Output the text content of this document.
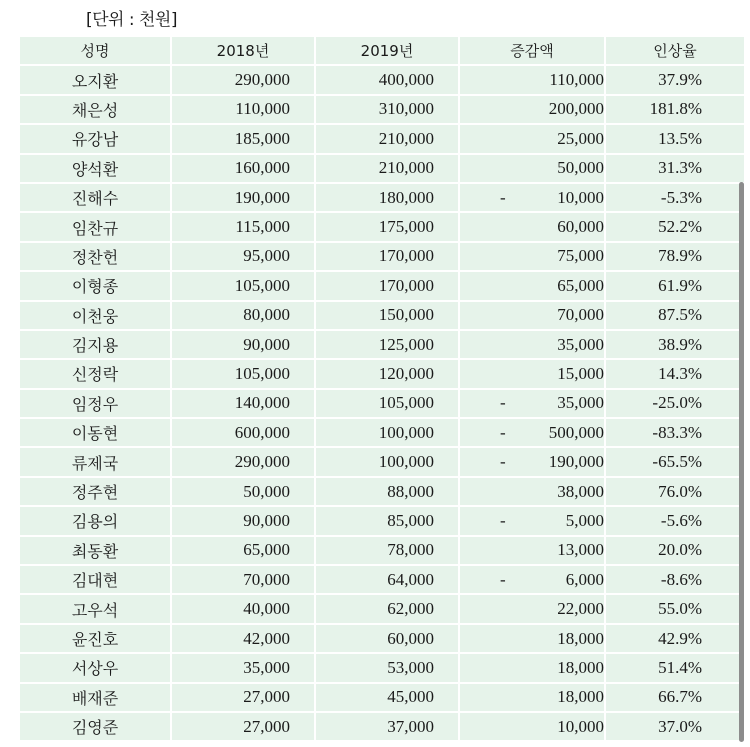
[단위 : 천원]
성명	2018년	2019년	증감액	인상율
오지환	290,000	400,000	110,000	37.9%
채은성	110,000	310,000	200,000	181.8%
유강남	185,000	210,000	25,000	13.5%
양석환	160,000	210,000	50,000	31.3%
진해수	190,000	180,000	- 10,000	-5.3%
임찬규	115,000	175,000	60,000	52.2%
정찬헌	95,000	170,000	75,000	78.9%
이형종	105,000	170,000	65,000	61.9%
이천웅	80,000	150,000	70,000	87.5%
김지용	90,000	125,000	35,000	38.9%
신정락	105,000	120,000	15,000	14.3%
임정우	140,000	105,000	- 35,000	-25.0%
이동현	600,000	100,000	- 500,000	-83.3%
류제국	290,000	100,000	- 190,000	-65.5%
정주현	50,000	88,000	38,000	76.0%
김용의	90,000	85,000	- 5,000	-5.6%
최동환	65,000	78,000	13,000	20.0%
김대현	70,000	64,000	- 6,000	-8.6%
고우석	40,000	62,000	22,000	55.0%
윤진호	42,000	60,000	18,000	42.9%
서상우	35,000	53,000	18,000	51.4%
배재준	27,000	45,000	18,000	66.7%
김영준	27,000	37,000	10,000	37.0%
